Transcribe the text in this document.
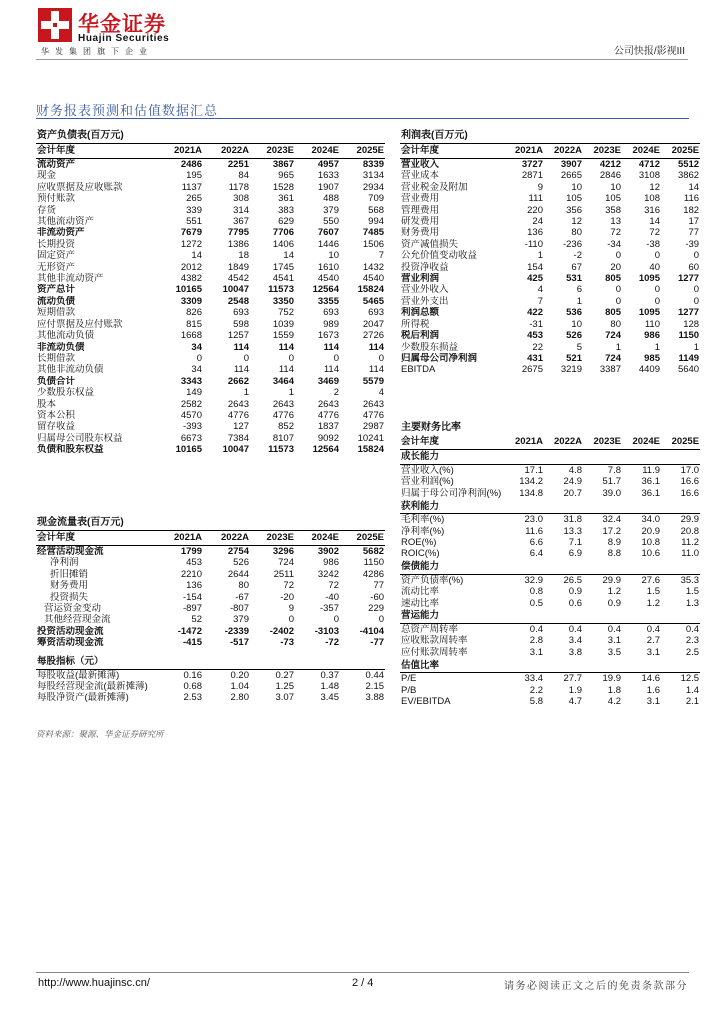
华金证券
Huajin Securities
华发集团旗下企业	公司快报/影视III
财务报表预测和估值数据汇总
资产负债表(百万元)					
会计年度	2021A	2022A	2023E	2024E	2025E
流动资产	2486	2251	3867	4957	8339
现金	195	84	965	1633	3134
应收票据及应收账款	1137	1178	1528	1907	2934
预付账款	265	308	361	488	709
存货	339	314	383	379	568
其他流动资产	551	367	629	550	994
非流动资产	7679	7795	7706	7607	7485
长期投资	1272	1386	1406	1446	1506
固定资产	14	18	14	10	7
无形资产	2012	1849	1745	1610	1432
其他非流动资产	4382	4542	4541	4540	4540
资产总计	10165	10047	11573	12564	15824
流动负债	3309	2548	3350	3355	5465
短期借款	826	693	752	693	693
应付票据及应付账款	815	598	1039	989	2047
其他流动负债	1668	1257	1559	1673	2726
非流动负债	34	114	114	114	114
长期借款	0	0	0	0	0
其他非流动负债	34	114	114	114	114
负债合计	3343	2662	3464	3469	5579
少数股东权益	149	1	1	2	4
股本	2582	2643	2643	2643	2643
资本公积	4570	4776	4776	4776	4776
留存收益	-393	127	852	1837	2987
归属母公司股东权益	6673	7384	8107	9092	10241
负债和股东权益	10165	10047	11573	12564	15824
现金流量表(百万元)					
会计年度	2021A	2022A	2023E	2024E	2025E
经营活动现金流	1799	2754	3296	3902	5682
净利润	453	526	724	986	1150
折旧摊销	2210	2644	2511	3242	4286
财务费用	136	80	72	72	77
投资损失	-154	-67	-20	-40	-60
营运资金变动	-897	-807	9	-357	229
其他经营现金流	52	379	0	0	0
投资活动现金流	-1472	-2339	-2402	-3103	-4104
筹资活动现金流	-415	-517	-73	-72	-77

每股指标（元）					
每股收益(最新摊薄)	0.16	0.20	0.27	0.37	0.44
每股经营现金流(最新摊薄)	0.68	1.04	1.25	1.48	2.15
每股净资产(最新摊薄)	2.53	2.80	3.07	3.45	3.88
利润表(百万元)					
会计年度	2021A	2022A	2023E	2024E	2025E
营业收入	3727	3907	4212	4712	5512
营业成本	2871	2665	2846	3108	3862
营业税金及附加	9	10	10	12	14
营业费用	111	105	105	108	116
管理费用	220	356	358	316	182
研发费用	24	12	13	14	17
财务费用	136	80	72	72	77
资产减值损失	-110	-236	-34	-38	-39
公允价值变动收益	1	-2	0	0	0
投资净收益	154	67	20	40	60
营业利润	425	531	805	1095	1277
营业外收入	4	6	0	0	0
营业外支出	7	1	0	0	0
利润总额	422	536	805	1095	1277
所得税	-31	10	80	110	128
税后利润	453	526	724	986	1150
少数股东损益	22	5	1	1	1
归属母公司净利润	431	521	724	985	1149
EBITDA	2675	3219	3387	4409	5640
主要财务比率					
会计年度	2021A	2022A	2023E	2024E	2025E
成长能力					
营业收入(%)	17.1	4.8	7.8	11.9	17.0
营业利润(%)	134.2	24.9	51.7	36.1	16.6
归属于母公司净利润(%)	134.8	20.7	39.0	36.1	16.6
获利能力					
毛利率(%)	23.0	31.8	32.4	34.0	29.9
净利率(%)	11.6	13.3	17.2	20.9	20.8
ROE(%)	6.6	7.1	8.9	10.8	11.2
ROIC(%)	6.4	6.9	8.8	10.6	11.0
偿债能力					
资产负债率(%)	32.9	26.5	29.9	27.6	35.3
流动比率	0.8	0.9	1.2	1.5	1.5
速动比率	0.5	0.6	0.9	1.2	1.3
营运能力					
总资产周转率	0.4	0.4	0.4	0.4	0.4
应收账款周转率	2.8	3.4	3.1	2.7	2.3
应付账款周转率	3.1	3.8	3.5	3.1	2.5
估值比率					
P/E	33.4	27.7	19.9	14.6	12.5
P/B	2.2	1.9	1.8	1.6	1.4
EV/EBITDA	5.8	4.7	4.2	3.1	2.1
资料来源：聚源、华金证券研究所
http://www.huajinsc.cn/	2 / 4	请务必阅读正文之后的免责条款部分
